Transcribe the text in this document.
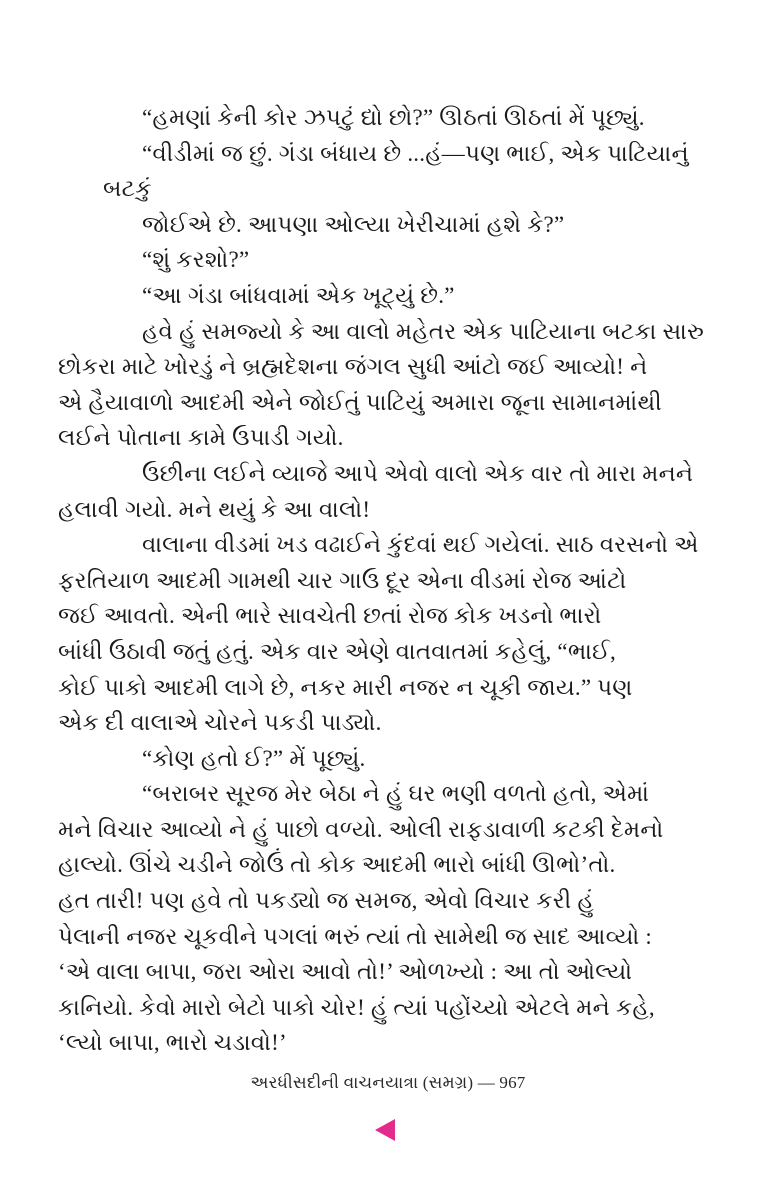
“હમણાં કેની કોર ઝપટું દ્યો છો?” ઊઠતાં ઊઠતાં મેં પૂછ્યું.
“વીડીમાં જ છું. ગંડા બંધાય છે ...હં—પણ ભાઈ, એક પાટિયાનું
બટકું
જોઈએ છે. આપણા ઓલ્યા ખેરીચામાં હશે કે?”
“શું કરશો?”
“આ ગંડા બાંધવામાં એક ખૂટ્યું છે.”
હવે હું સમજ્યો કે આ વાલો મહેતર એક પાટિયાના બટકા સારુ
છોકરા માટે ખોરડું ને બ્રહ્મદેશના જંગલ સુધી આંટો જઈ આવ્યો! ને
એ હૈયાવાળો આદમી એને જોઈતું પાટિયું અમારા જૂના સામાનમાંથી
લઈને પોતાના કામે ઉપાડી ગયો.
ઉછીના લઈને વ્યાજે આપે એવો વાલો એક વાર તો મારા મનને
હલાવી ગયો. મને થયું કે આ વાલો!
વાલાના વીડમાં ખડ વઢાઈને કુંદવાં થઈ ગયેલાં. સાઠ વરસનો એ
ફરતિયાળ આદમી ગામથી ચાર ગાઉ દૂર એના વીડમાં રોજ આંટો
જઈ આવતો. એની ભારે સાવચેતી છતાં રોજ કોક ખડનો ભારો
બાંધી ઉઠાવી જતું હતું. એક વાર એણે વાતવાતમાં કહેલું, “ભાઈ,
કોઈ પાકો આદમી લાગે છે, નકર મારી નજર ન ચૂકી જાય.” પણ
એક દી વાલાએ ચોરને પકડી પાડ્યો.
“કોણ હતો ઈ?” મેં પૂછ્યું.
“બરાબર સૂરજ મેર બેઠા ને હું ઘર ભણી વળતો હતો, એમાં
મને વિચાર આવ્યો ને હું પાછો વળ્યો. ઓલી રાફડાવાળી કટકી દેમનો
હાલ્યો. ઊંચે ચડીને જોઉં તો કોક આદમી ભારો બાંધી ઊભો’તો.
હત તારી! પણ હવે તો પકડ્યો જ સમજ, એવો વિચાર કરી હું
પેલાની નજર ચૂકવીને પગલાં ભરું ત્યાં તો સામેથી જ સાદ આવ્યો :
‘એ વાલા બાપા, જરા ઓરા આવો તો!’ ઓળખ્યો : આ તો ઓલ્યો
કાનિયો. કેવો મારો બેટો પાકો ચોર! હું ત્યાં પહોંચ્યો એટલે મને કહે,
‘લ્યો બાપા, ભારો ચડાવો!’
અરધીસદીની વાચનયાત્રા (સમગ્ર) — 967
